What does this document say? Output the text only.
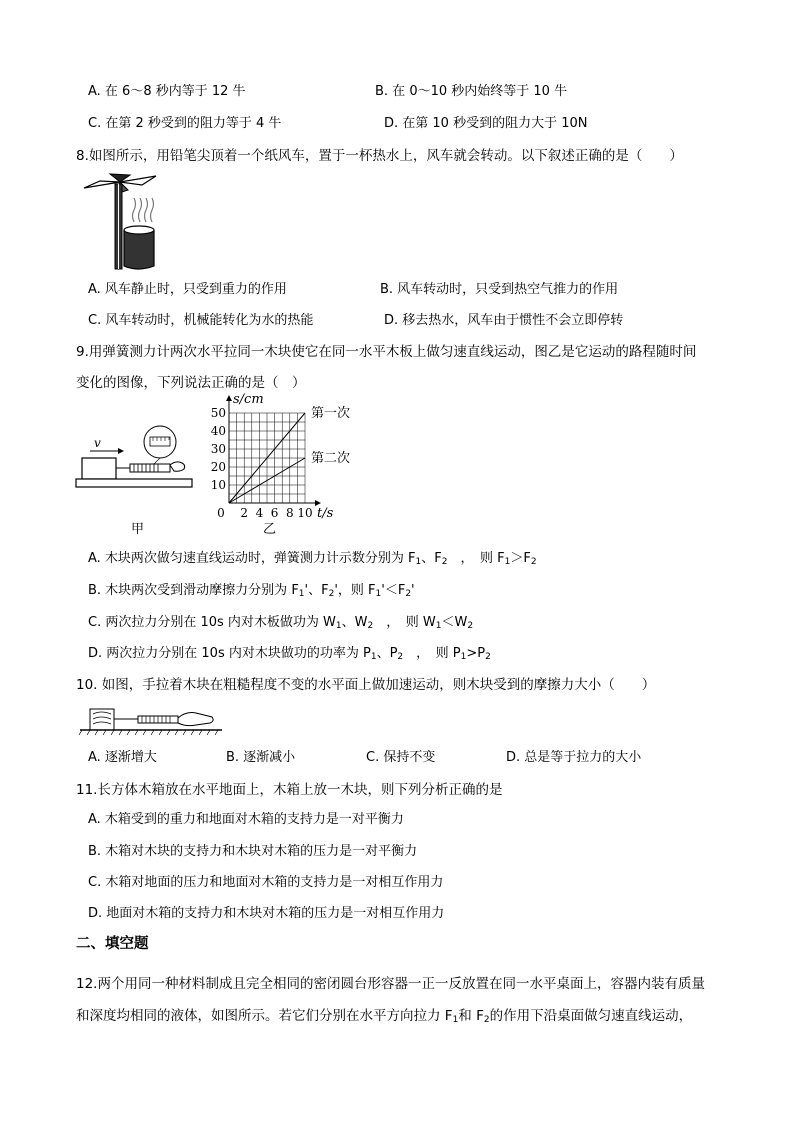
A. 在 6～8 秒内等于 12 牛	B. 在 0～10 秒内始终等于 10 牛
C. 在第 2 秒受到的阻力等于 4 牛	D. 在第 10 秒受到的阻力大于 10N
8.如图所示，用铅笔尖顶着一个纸风车，置于一杯热水上，风车就会转动。以下叙述正确的是（　　）
A. 风车静止时，只受到重力的作用	B. 风车转动时，只受到热空气推力的作用
C. 风车转动时，机械能转化为水的热能	D. 移去热水，风车由于惯性不会立即停转
9.用弹簧测力计两次水平拉同一木块使它在同一水平木板上做匀速直线运动，图乙是它运动的路程随时间
变化的图像，下列说法正确的是（　）
v
甲
10
20
30
40
50
0 2 4 6 8 10
s/cm
t/s
第一次
第二次
乙
A. 木块两次做匀速直线运动时，弹簧测力计示数分别为 $F_1$、$F_2$　，　则 $F_1>F_2$
B. 木块两次受到滑动摩擦力分别为 $F_1'$、$F_2'$，则 $F_1'<F_2'$
C. 两次拉力分别在 10s 内对木板做功为 $W_1$、$W_2$　，　则 $W_1<W_2$
D. 两次拉力分别在 10s 内对木块做功的功率为 $P_1$、$P_2$　，　则 $P_1>P_2$
10. 如图，手拉着木块在粗糙程度不变的水平面上做加速运动，则木块受到的摩擦力大小（　　）
A. 逐渐增大	B. 逐渐减小	C. 保持不变	D. 总是等于拉力的大小
11.长方体木箱放在水平地面上，木箱上放一木块，则下列分析正确的是
A. 木箱受到的重力和地面对木箱的支持力是一对平衡力
B. 木箱对木块的支持力和木块对木箱的压力是一对平衡力
C. 木箱对地面的压力和地面对木箱的支持力是一对相互作用力
D. 地面对木箱的支持力和木块对木箱的压力是一对相互作用力
二、填空题
12.两个用同一种材料制成且完全相同的密闭圆台形容器一正一反放置在同一水平桌面上，容器内装有质量
和深度均相同的液体，如图所示。若它们分别在水平方向拉力 $F_1$和 $F_2$的作用下沿桌面做匀速直线运动，
